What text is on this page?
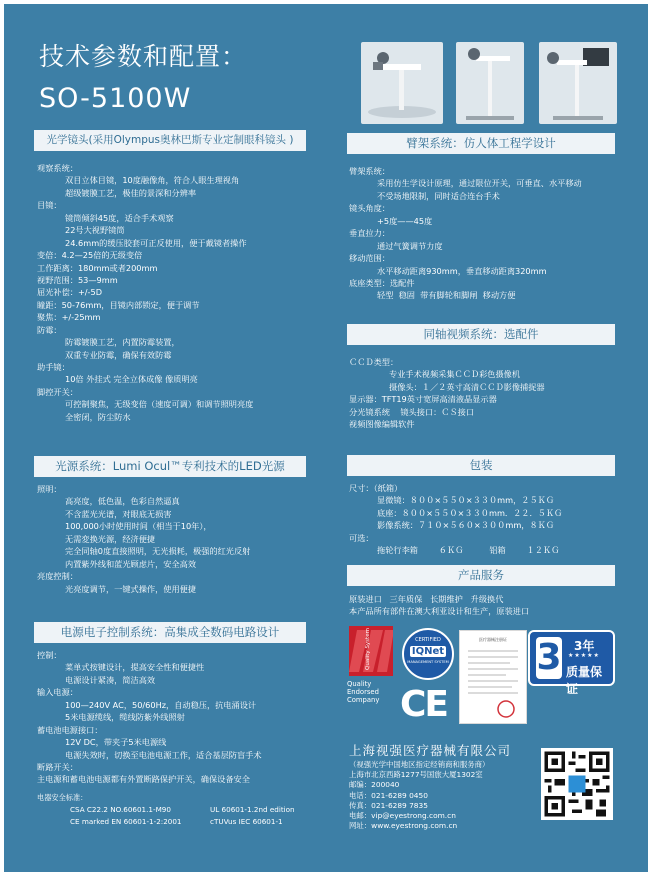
技术参数和配置：
SO-5100W
光学镜头(采用Olympus奥林巴斯专业定制眼科镜头 )
观察系统：
双目立体目镜，10度融像角，符合人眼生理视角
超级镀膜工艺，极佳的景深和分辨率
目镜：
镜筒倾斜45度，适合手术观察
22号大视野镜筒
24.6mm的缓压胶套可正反使用，便于戴镜者操作
变倍：4.2—25倍的无级变倍
工作距离：180mm或者200mm
视野范围：53—9mm
屈光补偿：+/-5D
瞳距：50-76mm，目镜内部锁定，便于调节
聚焦：+/-25mm
防霉：
防霉镀膜工艺，内置防霉装置，
双重专业防霉，确保有效防霉
助手镜：
10倍 外挂式 完全立体成像 像质明亮
脚控开关：
可控制聚焦，无级变倍（速度可调）和调节照明亮度
全密闭，防尘防水
光源系统：Lumi Ocul™专利技术的LED光源
照明：
高亮度，低色温，色彩自然逼真
不含蓝光光谱，对眼底无损害
100,000小时使用时间（相当于10年），
无需変换光源，经济便捷
完全同轴0度直接照明，无光损耗，极强的红光反射
内置紫外线和蓝光顾虑片，安全高效
亮度控制：
光亮度调节，一键式操作，使用便捷
电源电子控制系统：高集成全数码电路设计
控制：
菜单式按键设计，提高安全性和便捷性
电源设计紧凑，简洁高效
输入电源：
100—240V AC，50/60Hz，自动稳压，抗电涌设计
5米电源缆线，缆线防紫外线照射
蓄电池电源接口：
12V DC，带夹子5米电源线
电源失效时，切换至电池电源工作，适合基层防盲手术
断路开关：
主电源和蓄电池电源都有外置断路保护开关，确保设备安全
电器安全标准：
CSA C22.2 NO.60601.1-M90	UL 60601-1.2nd edition
CE marked EN 60601-1-2:2001	cTUVus IEC 60601-1
臂架系统：仿人体工程学设计
臂架系统：
采用仿生学设计原理，通过限位开关，可垂直、水平移动
不受场地限制，同时适合连台手术
镜头角度：
+5度——45度
垂直拉力：
通过气簧调节力度
移动范围：
水平移动距离930mm，垂直移动距离320mm
底座类型：选配件
轻型  稳固  带有脚轮和脚闸  移动方便
同轴视频系统：选配件
ＣＣＤ类型：
专业手术视频采集ＣＣＤ彩色摄像机
摄像头：１／２英寸高清ＣＣＤ影像捕捉器
显示器：TFT19英寸宽屏高清液晶显示器
分光镜系统    镜头接口：ＣＳ接口
视频图像编辑软件
包装
尺寸：（纸箱）
显微镜：８００×５５０×３３０mm，２５ＫＧ
底座：８００×５５０×３３０mm．２２．５ＫＧ
影像系统：７１０×５６０×３００mm，８ＫＧ
可选：
拖轮行李箱        ６ＫＧ          铝箱        １２ＫＧ
产品服务
原装进口   三年质保   长期维护   升级换代
本产品所有部件在澳大利亚设计和生产，原装进口
Quality System
Quality
Endorsed
Company
CERTIFIED
IQNet
MANAGEMENT SYSTEM
CE
医疗器械注册证 3 3年
★★★★★
质量保证
上海视强医疗器械有限公司
（视强光学中国地区指定经销商和服务商）
上海市北京西路1277号国旅大厦1302室
邮编：200040
电话：021-6289 0450
传真：021-6289 7835
电邮：vip@eyestrong.com.cn
网址：www.eyestrong.com.cn
